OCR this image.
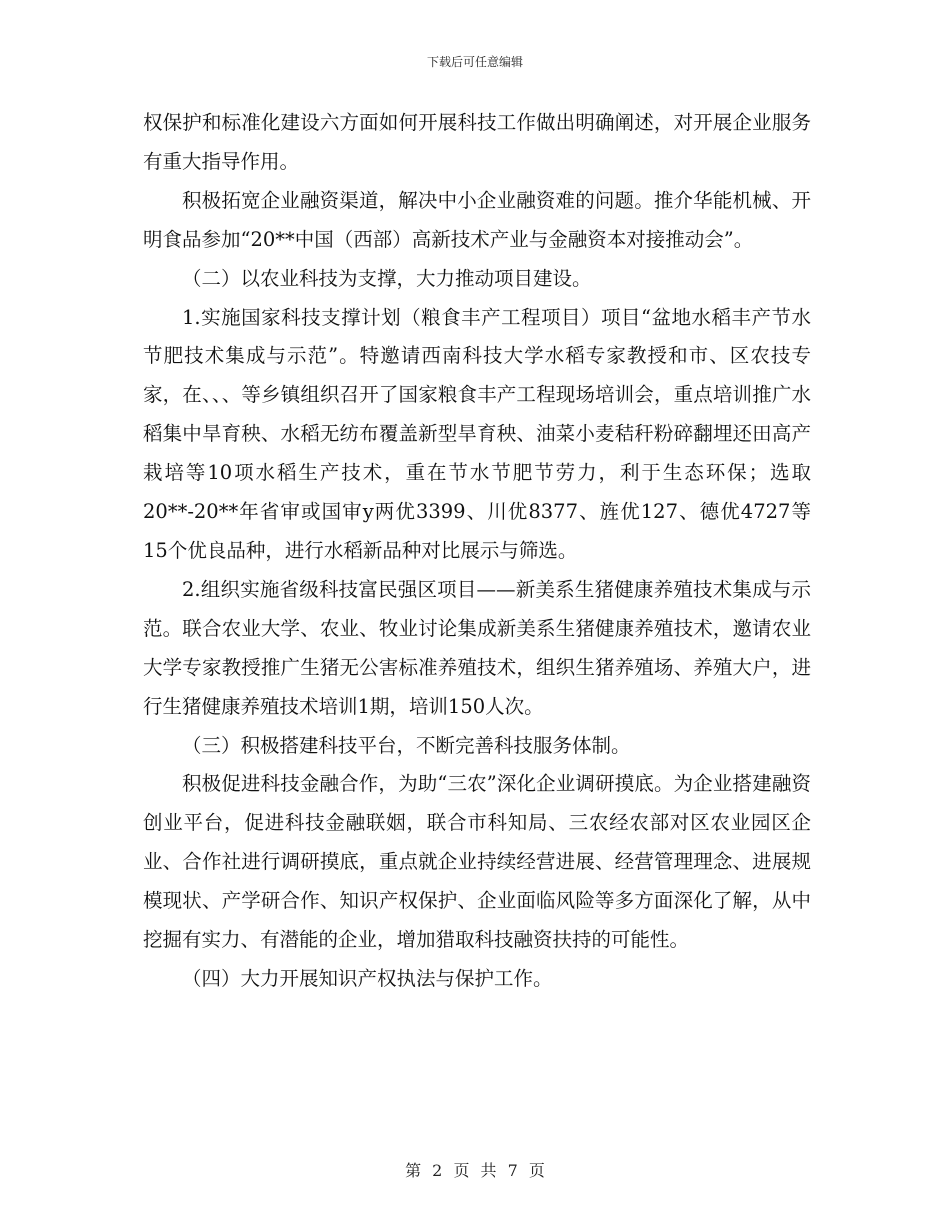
下载后可任意编辑

权保护和标准化建设六方面如何开展科技工作做出明确阐述，对开展企业服务有重大指导作用。

积极拓宽企业融资渠道，解决中小企业融资难的问题。推介华能机械、开明食品参加“20**中国（西部）高新技术产业与金融资本对接推动会”。

（二）以农业科技为支撑，大力推动项目建设。

1.实施国家科技支撑计划（粮食丰产工程项目）项目“盆地水稻丰产节水节肥技术集成与示范”。特邀请西南科技大学水稻专家教授和市、区农技专家，在、、、等乡镇组织召开了国家粮食丰产工程现场培训会，重点培训推广水稻集中旱育秧、水稻无纺布覆盖新型旱育秧、油菜小麦秸秆粉碎翻埋还田高产栽培等10项水稻生产技术，重在节水节肥节劳力，利于生态环保；选取20**-20**年省审或国审y两优3399、川优8377、旌优127、德优4727等15个优良品种，进行水稻新品种对比展示与筛选。

2.组织实施省级科技富民强区项目——新美系生猪健康养殖技术集成与示范。联合农业大学、农业、牧业讨论集成新美系生猪健康养殖技术，邀请农业大学专家教授推广生猪无公害标准养殖技术，组织生猪养殖场、养殖大户，进行生猪健康养殖技术培训1期，培训150人次。

（三）积极搭建科技平台，不断完善科技服务体制。

积极促进科技金融合作，为助“三农”深化企业调研摸底。为企业搭建融资创业平台，促进科技金融联姻，联合市科知局、三农经农部对区农业园区企业、合作社进行调研摸底，重点就企业持续经营进展、经营管理理念、进展规模现状、产学研合作、知识产权保护、企业面临风险等多方面深化了解，从中挖掘有实力、有潜能的企业，增加猎取科技融资扶持的可能性。

（四）大力开展知识产权执法与保护工作。

第 2 页 共 7 页
